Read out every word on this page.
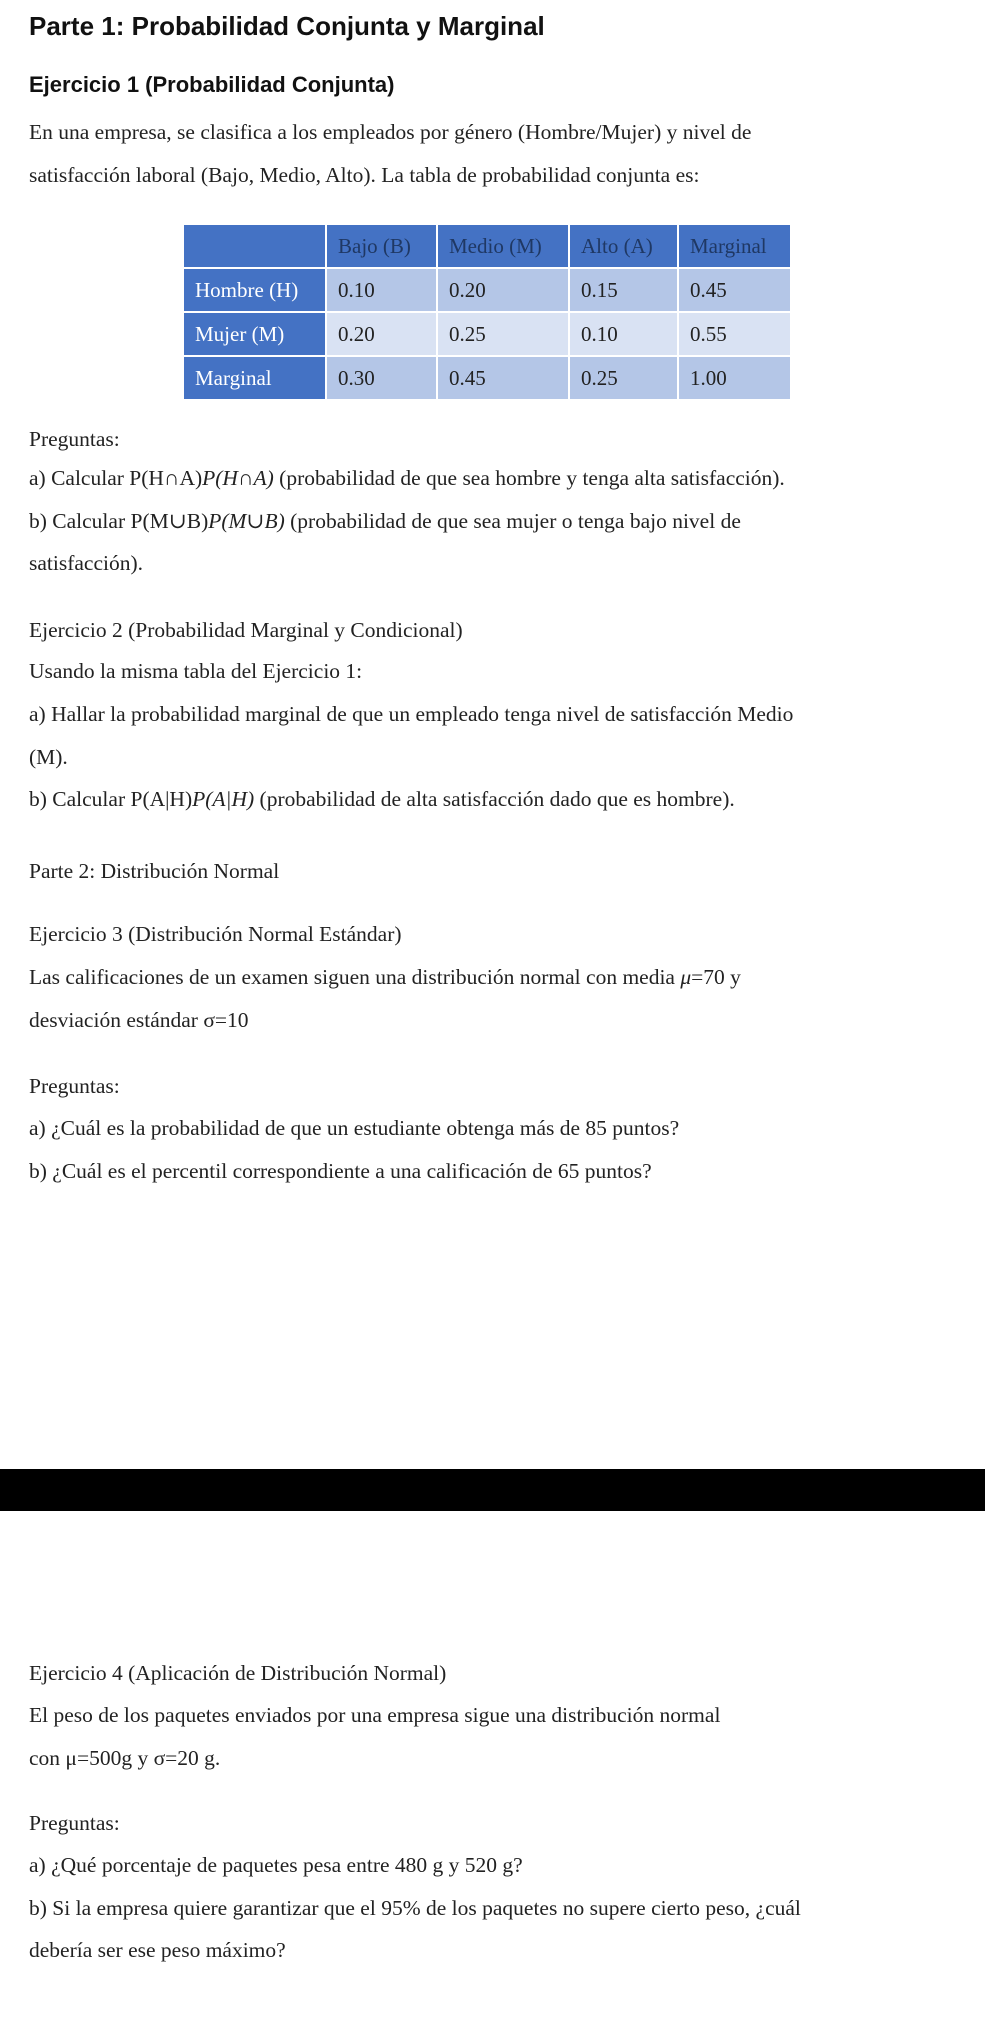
Parte 1: Probabilidad Conjunta y Marginal
Ejercicio 1 (Probabilidad Conjunta)
En una empresa, se clasifica a los empleados por género (Hombre/Mujer) y nivel de
satisfacción laboral (Bajo, Medio, Alto). La tabla de probabilidad conjunta es:
	Bajo (B)	Medio (M)	Alto (A)	Marginal
Hombre (H)	0.10	0.20	0.15	0.45
Mujer (M)	0.20	0.25	0.10	0.55
Marginal	0.30	0.45	0.25	1.00
Preguntas:
a) Calcular P(H∩A)P(H∩A) (probabilidad de que sea hombre y tenga alta satisfacción).
b) Calcular P(M∪B)P(M∪B) (probabilidad de que sea mujer o tenga bajo nivel de
satisfacción).
Ejercicio 2 (Probabilidad Marginal y Condicional)
Usando la misma tabla del Ejercicio 1:
a) Hallar la probabilidad marginal de que un empleado tenga nivel de satisfacción Medio
(M).
b) Calcular P(A|H)P(A|H) (probabilidad de alta satisfacción dado que es hombre).
Parte 2: Distribución Normal
Ejercicio 3 (Distribución Normal Estándar)
Las calificaciones de un examen siguen una distribución normal con media μ=70 y
desviación estándar σ=10
Preguntas:
a) ¿Cuál es la probabilidad de que un estudiante obtenga más de 85 puntos?
b) ¿Cuál es el percentil correspondiente a una calificación de 65 puntos?
Ejercicio 4 (Aplicación de Distribución Normal)
El peso de los paquetes enviados por una empresa sigue una distribución normal
con μ=500g y σ=20 g.
Preguntas:
a) ¿Qué porcentaje de paquetes pesa entre 480 g y 520 g?
b) Si la empresa quiere garantizar que el 95% de los paquetes no supere cierto peso, ¿cuál
debería ser ese peso máximo?
